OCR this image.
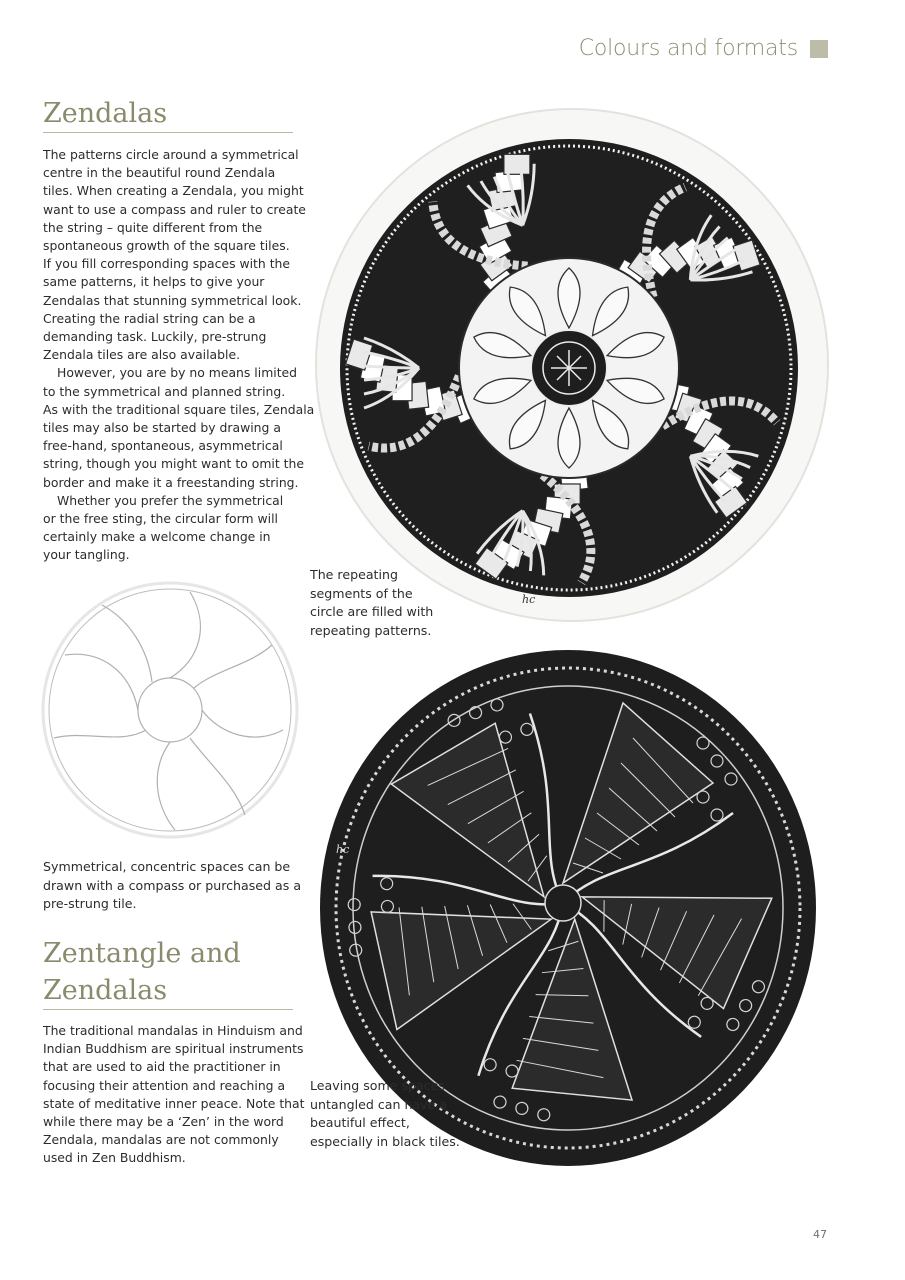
Colours and formats
Zendalas

The patterns circle around a symmetrical
centre in the beautiful round Zendala
tiles. When creating a Zendala, you might
want to use a compass and ruler to create
the string – quite different from the
spontaneous growth of the square tiles.
If you fill corresponding spaces with the
same patterns, it helps to give your
Zendalas that stunning symmetrical look.
Creating the radial string can be a
demanding task. Luckily, pre-strung
Zendala tiles are also available.

However, you are by no means limited
to the symmetrical and planned string.
As with the traditional square tiles, Zendala
tiles may also be started by drawing a
free-hand, spontaneous, asymmetrical
string, though you might want to omit the
border and make it a freestanding string.

Whether you prefer the symmetrical
or the free sting, the circular form will
certainly make a welcome change in
your tangling.

hc
The repeating segments of the circle are filled with repeating patterns.
Symmetrical, concentric spaces can be drawn with a compass or purchased as a pre-strung tile.
hc
Zentangle and
Zendalas

The traditional mandalas in Hinduism and
Indian Buddhism are spiritual instruments
that are used to aid the practitioner in
focusing their attention and reaching a
state of meditative inner peace. Note that
while there may be a ‘Zen’ in the word
Zendala, mandalas are not commonly
used in Zen Buddhism.

Leaving some spaces untangled can have a beautiful effect, especially in black tiles.
47
